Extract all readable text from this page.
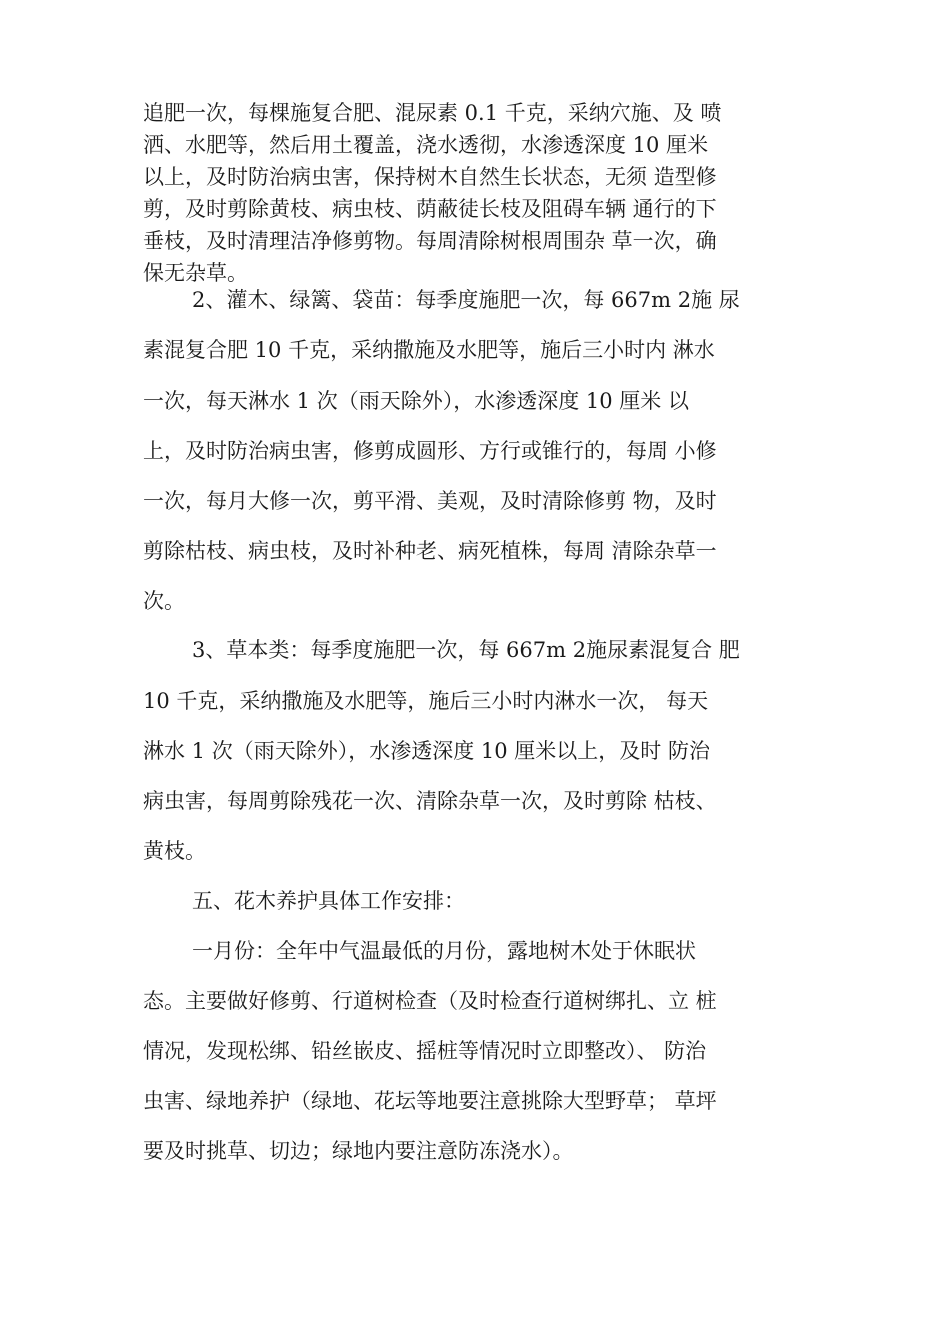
追肥一次，每棵施复合肥、混尿素 0.1 千克，采纳穴施、及 喷
洒、水肥等，然后用土覆盖，浇水透彻，水渗透深度 10 厘米
以上，及时防治病虫害，保持树木自然生长状态，无须 造型修
剪，及时剪除黄枝、病虫枝、荫蔽徒长枝及阻碍车辆 通行的下
垂枝，及时清理洁净修剪物。每周清除树根周围杂 草一次，确
保无杂草。
2、灌木、绿篱、袋苗：每季度施肥一次，每 667m 2施 尿
素混复合肥 10 千克，采纳撒施及水肥等，施后三小时内 淋水
一次，每天淋水 1 次（雨天除外），水渗透深度 10 厘米 以
上，及时防治病虫害，修剪成圆形、方行或锥行的，每周 小修
一次，每月大修一次，剪平滑、美观，及时清除修剪 物，及时
剪除枯枝、病虫枝，及时补种老、病死植株，每周 清除杂草一
次。
3、草本类：每季度施肥一次，每 667m 2施尿素混复合 肥
10 千克，采纳撒施及水肥等，施后三小时内淋水一次， 每天
淋水 1 次（雨天除外），水渗透深度 10 厘米以上，及时 防治
病虫害，每周剪除残花一次、清除杂草一次，及时剪除 枯枝、
黄枝。
五、花木养护具体工作安排：
一月份：全年中气温最低的月份，露地树木处于休眠状
态。主要做好修剪、行道树检查（及时检查行道树绑扎、立 桩
情况，发现松绑、铅丝嵌皮、摇桩等情况时立即整改）、 防治
虫害、绿地养护（绿地、花坛等地要注意挑除大型野草； 草坪
要及时挑草、切边；绿地内要注意防冻浇水）。
